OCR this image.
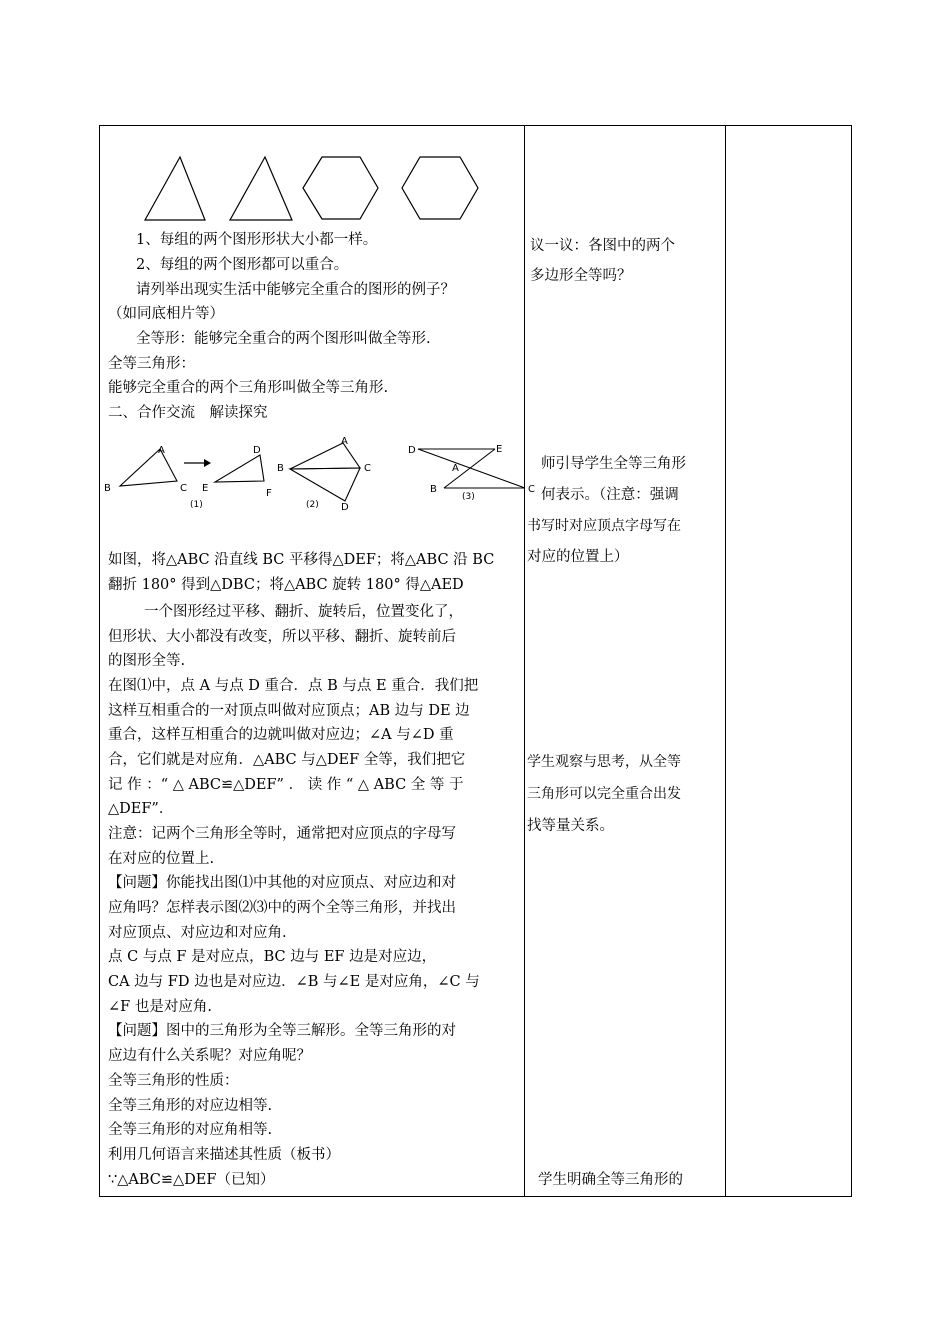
1、每组的两个图形形状大小都一样。
2、每组的两个图形都可以重合。
请列举出现实生活中能够完全重合的图形的例子？
（如同底相片等）
全等形：能够完全重合的两个图形叫做全等形.
全等三角形：
能够完全重合的两个三角形叫做全等三角形.
二、合作交流　解读探究
A
B	C
D
E	F
(1)
A
B	C
D
(2)
D	E
A
B	C
(3)
如图，将△ABC 沿直线 BC 平移得△DEF；将△ABC 沿 BC
翻折 180° 得到△DBC；将△ABC 旋转 180° 得△AED
一个图形经过平移、翻折、旋转后，位置变化了，
但形状、大小都没有改变，所以平移、翻折、旋转前后
的图形全等.
在图⑴中，点 A 与点 D 重合．点 B 与点 E 重合．我们把
这样互相重合的一对顶点叫做对应顶点；AB 边与 DE 边
重合，这样互相重合的边就叫做对应边；∠A 与∠D 重
合，它们就是对应角．△ABC 与△DEF 全等，我们把它
记 作 ：“ △ ABC≌△DEF” ． 读 作 “ △ ABC 全 等 于
△DEF”．
注意：记两个三角形全等时，通常把对应顶点的字母写
在对应的位置上.
【问题】你能找出图⑴中其他的对应顶点、对应边和对
应角吗？怎样表示图⑵⑶中的两个全等三角形，并找出
对应顶点、对应边和对应角.
点 C 与点 F 是对应点，BC 边与 EF 边是对应边，
CA 边与 FD 边也是对应边．∠B 与∠E 是对应角，∠C 与
∠F 也是对应角.
【问题】图中的三角形为全等三解形。全等三角形的对
应边有什么关系呢？对应角呢？
全等三角形的性质：
全等三角形的对应边相等.
全等三角形的对应角相等.
利用几何语言来描述其性质（板书）
∵△ABC≌△DEF（已知）
议一议：各图中的两个
多边形全等吗？
师引导学生全等三角形
何表示。（注意：强调
书写时对应顶点字母写在
对应的位置上）
学生观察与思考，从全等
三角形可以完全重合出发
找等量关系。
学生明确全等三角形的
